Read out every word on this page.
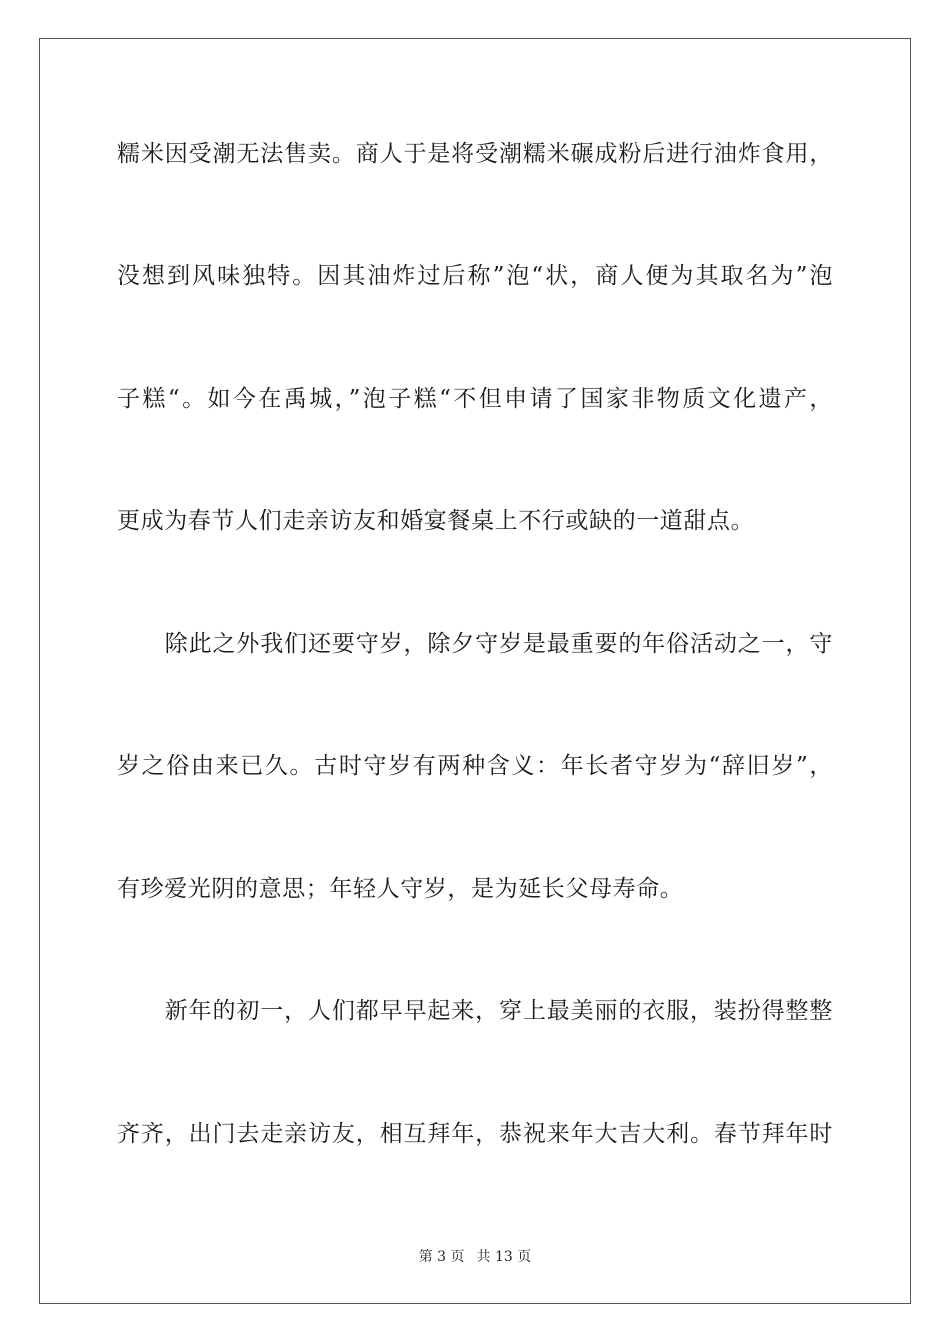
糯米因受潮无法售卖。商人于是将受潮糯米碾成粉后进行油炸食用，

没想到风味独特。因其油炸过后称”泡“状，商人便为其取名为”泡

子糕“。如今在禹城，”泡子糕“不但申请了国家非物质文化遗产，

更成为春节人们走亲访友和婚宴餐桌上不行或缺的一道甜点。

　　除此之外我们还要守岁，除夕守岁是最重要的年俗活动之一，守

岁之俗由来已久。古时守岁有两种含义：年长者守岁为“辞旧岁”，

有珍爱光阴的意思；年轻人守岁，是为延长父母寿命。

　　新年的初一，人们都早早起来，穿上最美丽的衣服，装扮得整整

齐齐，出门去走亲访友，相互拜年，恭祝来年大吉大利。春节拜年时

第 3 页 共 13 页
